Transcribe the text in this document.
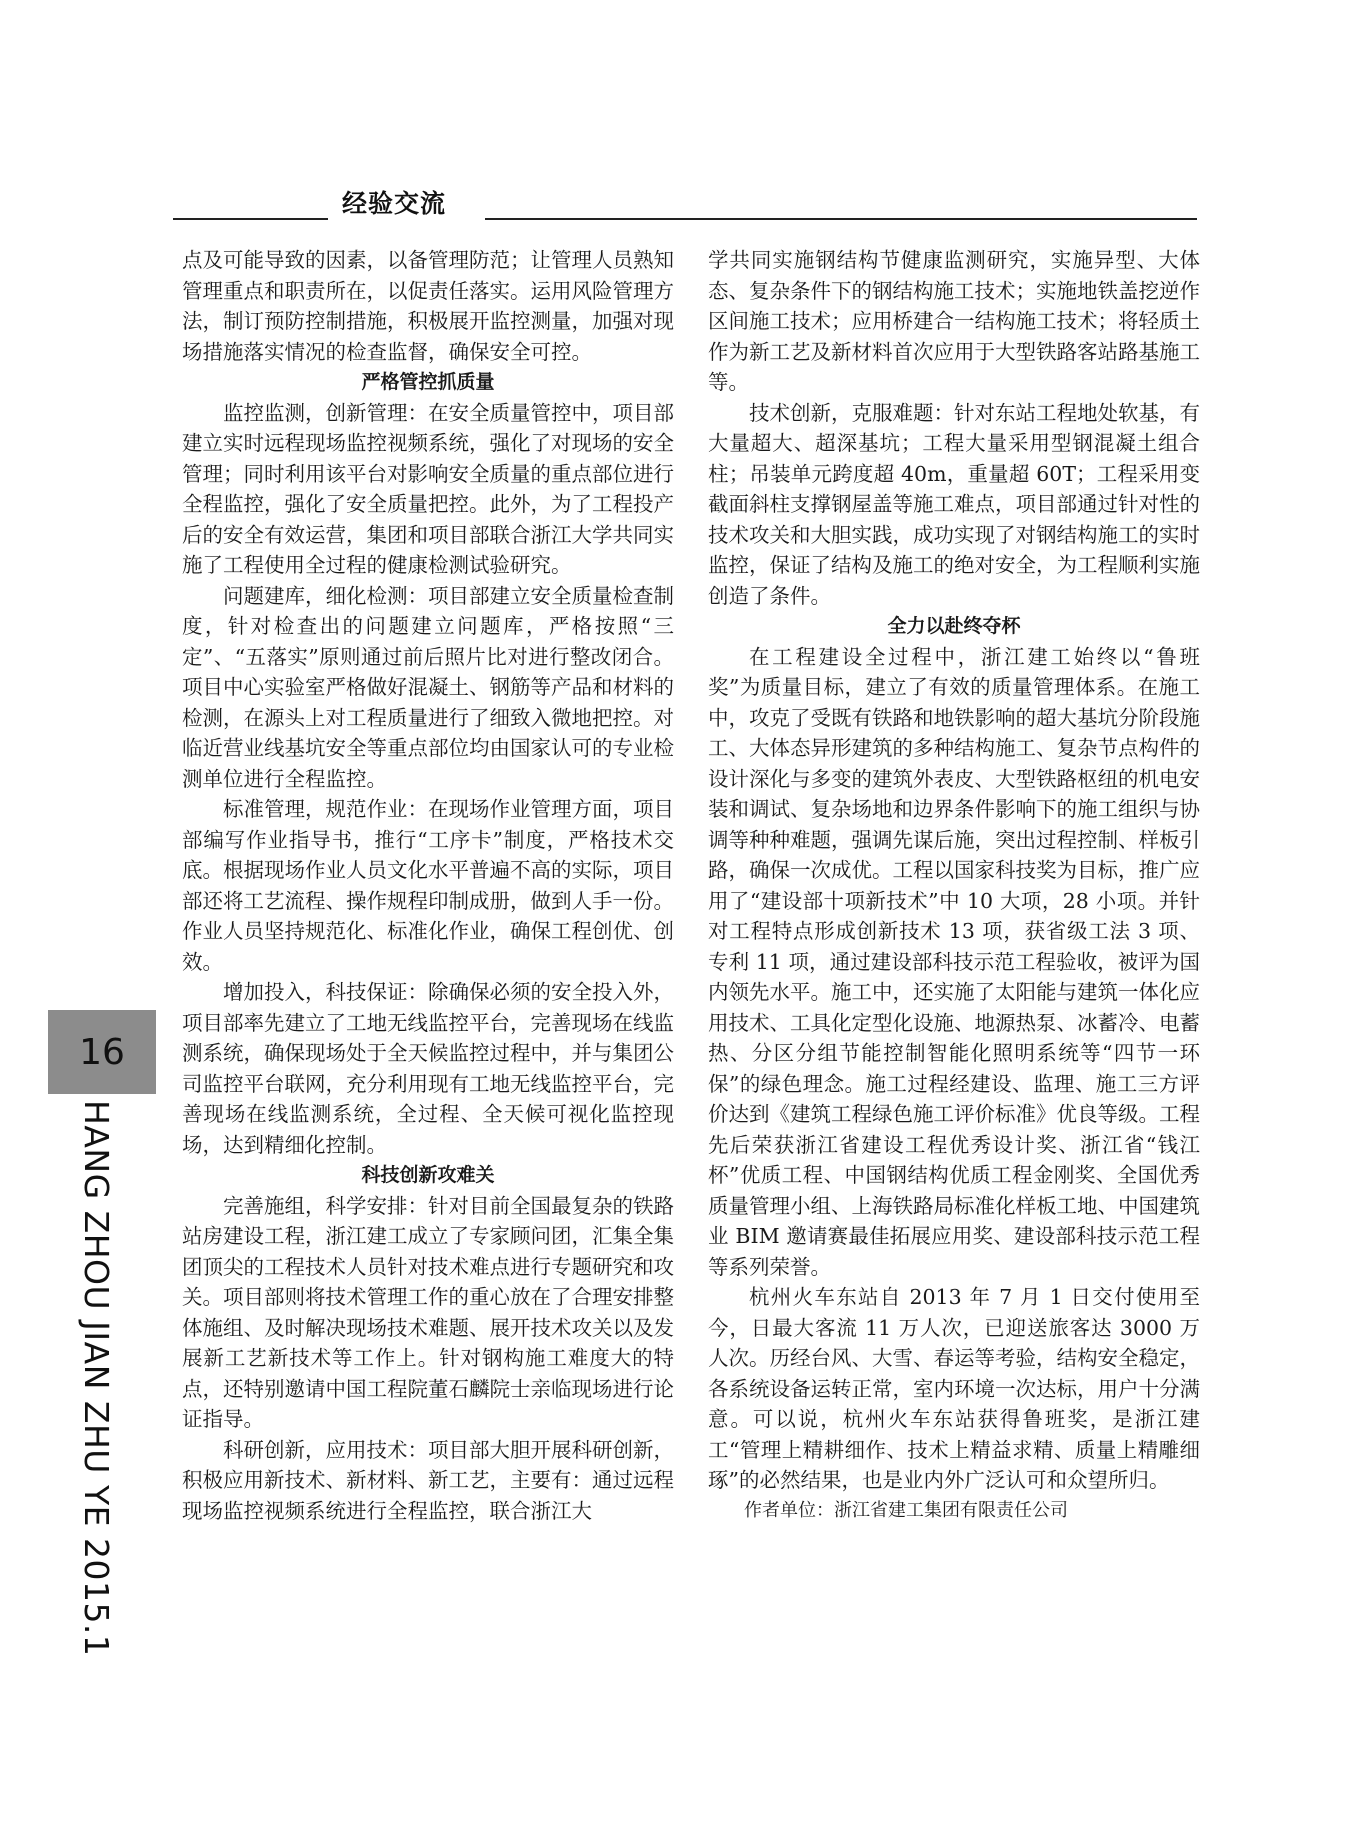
经验交流
16
HANG ZHOU JIAN ZHU YE 2015.1

点及可能导致的因素，以备管理防范；让管理人员熟知管理重点和职责所在，以促责任落实。运用风险管理方法，制订预防控制措施，积极展开监控测量，加强对现场措施落实情况的检查监督，确保安全可控。

严格管控抓质量

监控监测，创新管理：在安全质量管控中，项目部建立实时远程现场监控视频系统，强化了对现场的安全管理；同时利用该平台对影响安全质量的重点部位进行全程监控，强化了安全质量把控。此外，为了工程投产后的安全有效运营，集团和项目部联合浙江大学共同实施了工程使用全过程的健康检测试验研究。

问题建库，细化检测：项目部建立安全质量检查制度，针对检查出的问题建立问题库，严格按照“三定”、“五落实”原则通过前后照片比对进行整改闭合。项目中心实验室严格做好混凝土、钢筋等产品和材料的检测，在源头上对工程质量进行了细致入微地把控。对临近营业线基坑安全等重点部位均由国家认可的专业检测单位进行全程监控。

标准管理，规范作业：在现场作业管理方面，项目部编写作业指导书，推行“工序卡”制度，严格技术交底。根据现场作业人员文化水平普遍不高的实际，项目部还将工艺流程、操作规程印制成册，做到人手一份。作业人员坚持规范化、标准化作业，确保工程创优、创效。

增加投入，科技保证：除确保必须的安全投入外，项目部率先建立了工地无线监控平台，完善现场在线监测系统，确保现场处于全天候监控过程中，并与集团公司监控平台联网，充分利用现有工地无线监控平台，完善现场在线监测系统，全过程、全天候可视化监控现场，达到精细化控制。

科技创新攻难关

完善施组，科学安排：针对目前全国最复杂的铁路站房建设工程，浙江建工成立了专家顾问团，汇集全集团顶尖的工程技术人员针对技术难点进行专题研究和攻关。项目部则将技术管理工作的重心放在了合理安排整体施组、及时解决现场技术难题、展开技术攻关以及发展新工艺新技术等工作上。针对钢构施工难度大的特点，还特别邀请中国工程院董石麟院士亲临现场进行论证指导。

科研创新，应用技术：项目部大胆开展科研创新，积极应用新技术、新材料、新工艺，主要有：通过远程现场监控视频系统进行全程监控，联合浙江大

学共同实施钢结构节健康监测研究，实施异型、大体态、复杂条件下的钢结构施工技术；实施地铁盖挖逆作区间施工技术；应用桥建合一结构施工技术；将轻质土作为新工艺及新材料首次应用于大型铁路客站路基施工等。

技术创新，克服难题：针对东站工程地处软基，有大量超大、超深基坑；工程大量采用型钢混凝土组合柱；吊装单元跨度超 40m，重量超 60T；工程采用变截面斜柱支撑钢屋盖等施工难点，项目部通过针对性的技术攻关和大胆实践，成功实现了对钢结构施工的实时监控，保证了结构及施工的绝对安全，为工程顺利实施创造了条件。

全力以赴终夺杯

在工程建设全过程中，浙江建工始终以“鲁班奖”为质量目标，建立了有效的质量管理体系。在施工中，攻克了受既有铁路和地铁影响的超大基坑分阶段施工、大体态异形建筑的多种结构施工、复杂节点构件的设计深化与多变的建筑外表皮、大型铁路枢纽的机电安装和调试、复杂场地和边界条件影响下的施工组织与协调等种种难题，强调先谋后施，突出过程控制、样板引路，确保一次成优。工程以国家科技奖为目标，推广应用了“建设部十项新技术”中 10 大项，28 小项。并针对工程特点形成创新技术 13 项，获省级工法 3 项、专利 11 项，通过建设部科技示范工程验收，被评为国内领先水平。施工中，还实施了太阳能与建筑一体化应用技术、工具化定型化设施、地源热泵、冰蓄冷、电蓄热、分区分组节能控制智能化照明系统等“四节一环保”的绿色理念。施工过程经建设、监理、施工三方评价达到《建筑工程绿色施工评价标准》优良等级。工程先后荣获浙江省建设工程优秀设计奖、浙江省“钱江杯”优质工程、中国钢结构优质工程金刚奖、全国优秀质量管理小组、上海铁路局标准化样板工地、中国建筑业 BIM 邀请赛最佳拓展应用奖、建设部科技示范工程等系列荣誉。

杭州火车东站自 2013 年 7 月 1 日交付使用至今，日最大客流 11 万人次，已迎送旅客达 3000 万人次。历经台风、大雪、春运等考验，结构安全稳定，各系统设备运转正常，室内环境一次达标，用户十分满意。可以说，杭州火车东站获得鲁班奖，是浙江建工“管理上精耕细作、技术上精益求精、质量上精雕细琢”的必然结果，也是业内外广泛认可和众望所归。

作者单位：浙江省建工集团有限责任公司
